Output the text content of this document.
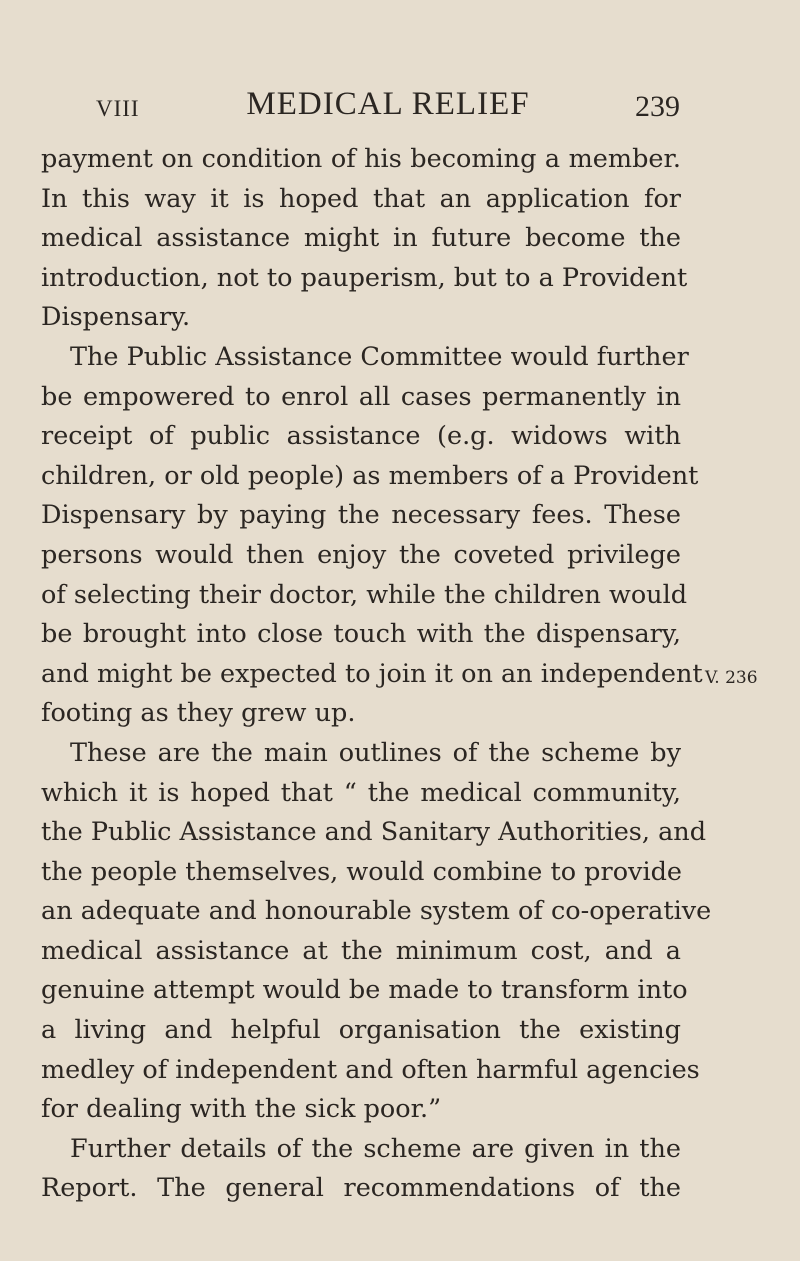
VIII	MEDICAL RELIEF	239
payment on condition of his becoming a member.
In this way it is hoped that an application for
medical assistance might in future become the
introduction, not to pauperism, but to a Provident
Dispensary.
The Public Assistance Committee would further
be empowered to enrol all cases permanently in
receipt of public assistance (e.g. widows with
children, or old people) as members of a Provident
Dispensary by paying the necessary fees. These
persons would then enjoy the coveted privilege
of selecting their doctor, while the children would
be brought into close touch with the dispensary,
and might be expected to join it on an independent
footing as they grew up.
These are the main outlines of the scheme by
which it is hoped that “ the medical community,
the Public Assistance and Sanitary Authorities, and
the people themselves, would combine to provide
an adequate and honourable system of co-operative
medical assistance at the minimum cost, and a
genuine attempt would be made to transform into
a living and helpful organisation the existing
medley of independent and often harmful agencies
for dealing with the sick poor.”
Further details of the scheme are given in the
Report. The general recommendations of the
V. 236
